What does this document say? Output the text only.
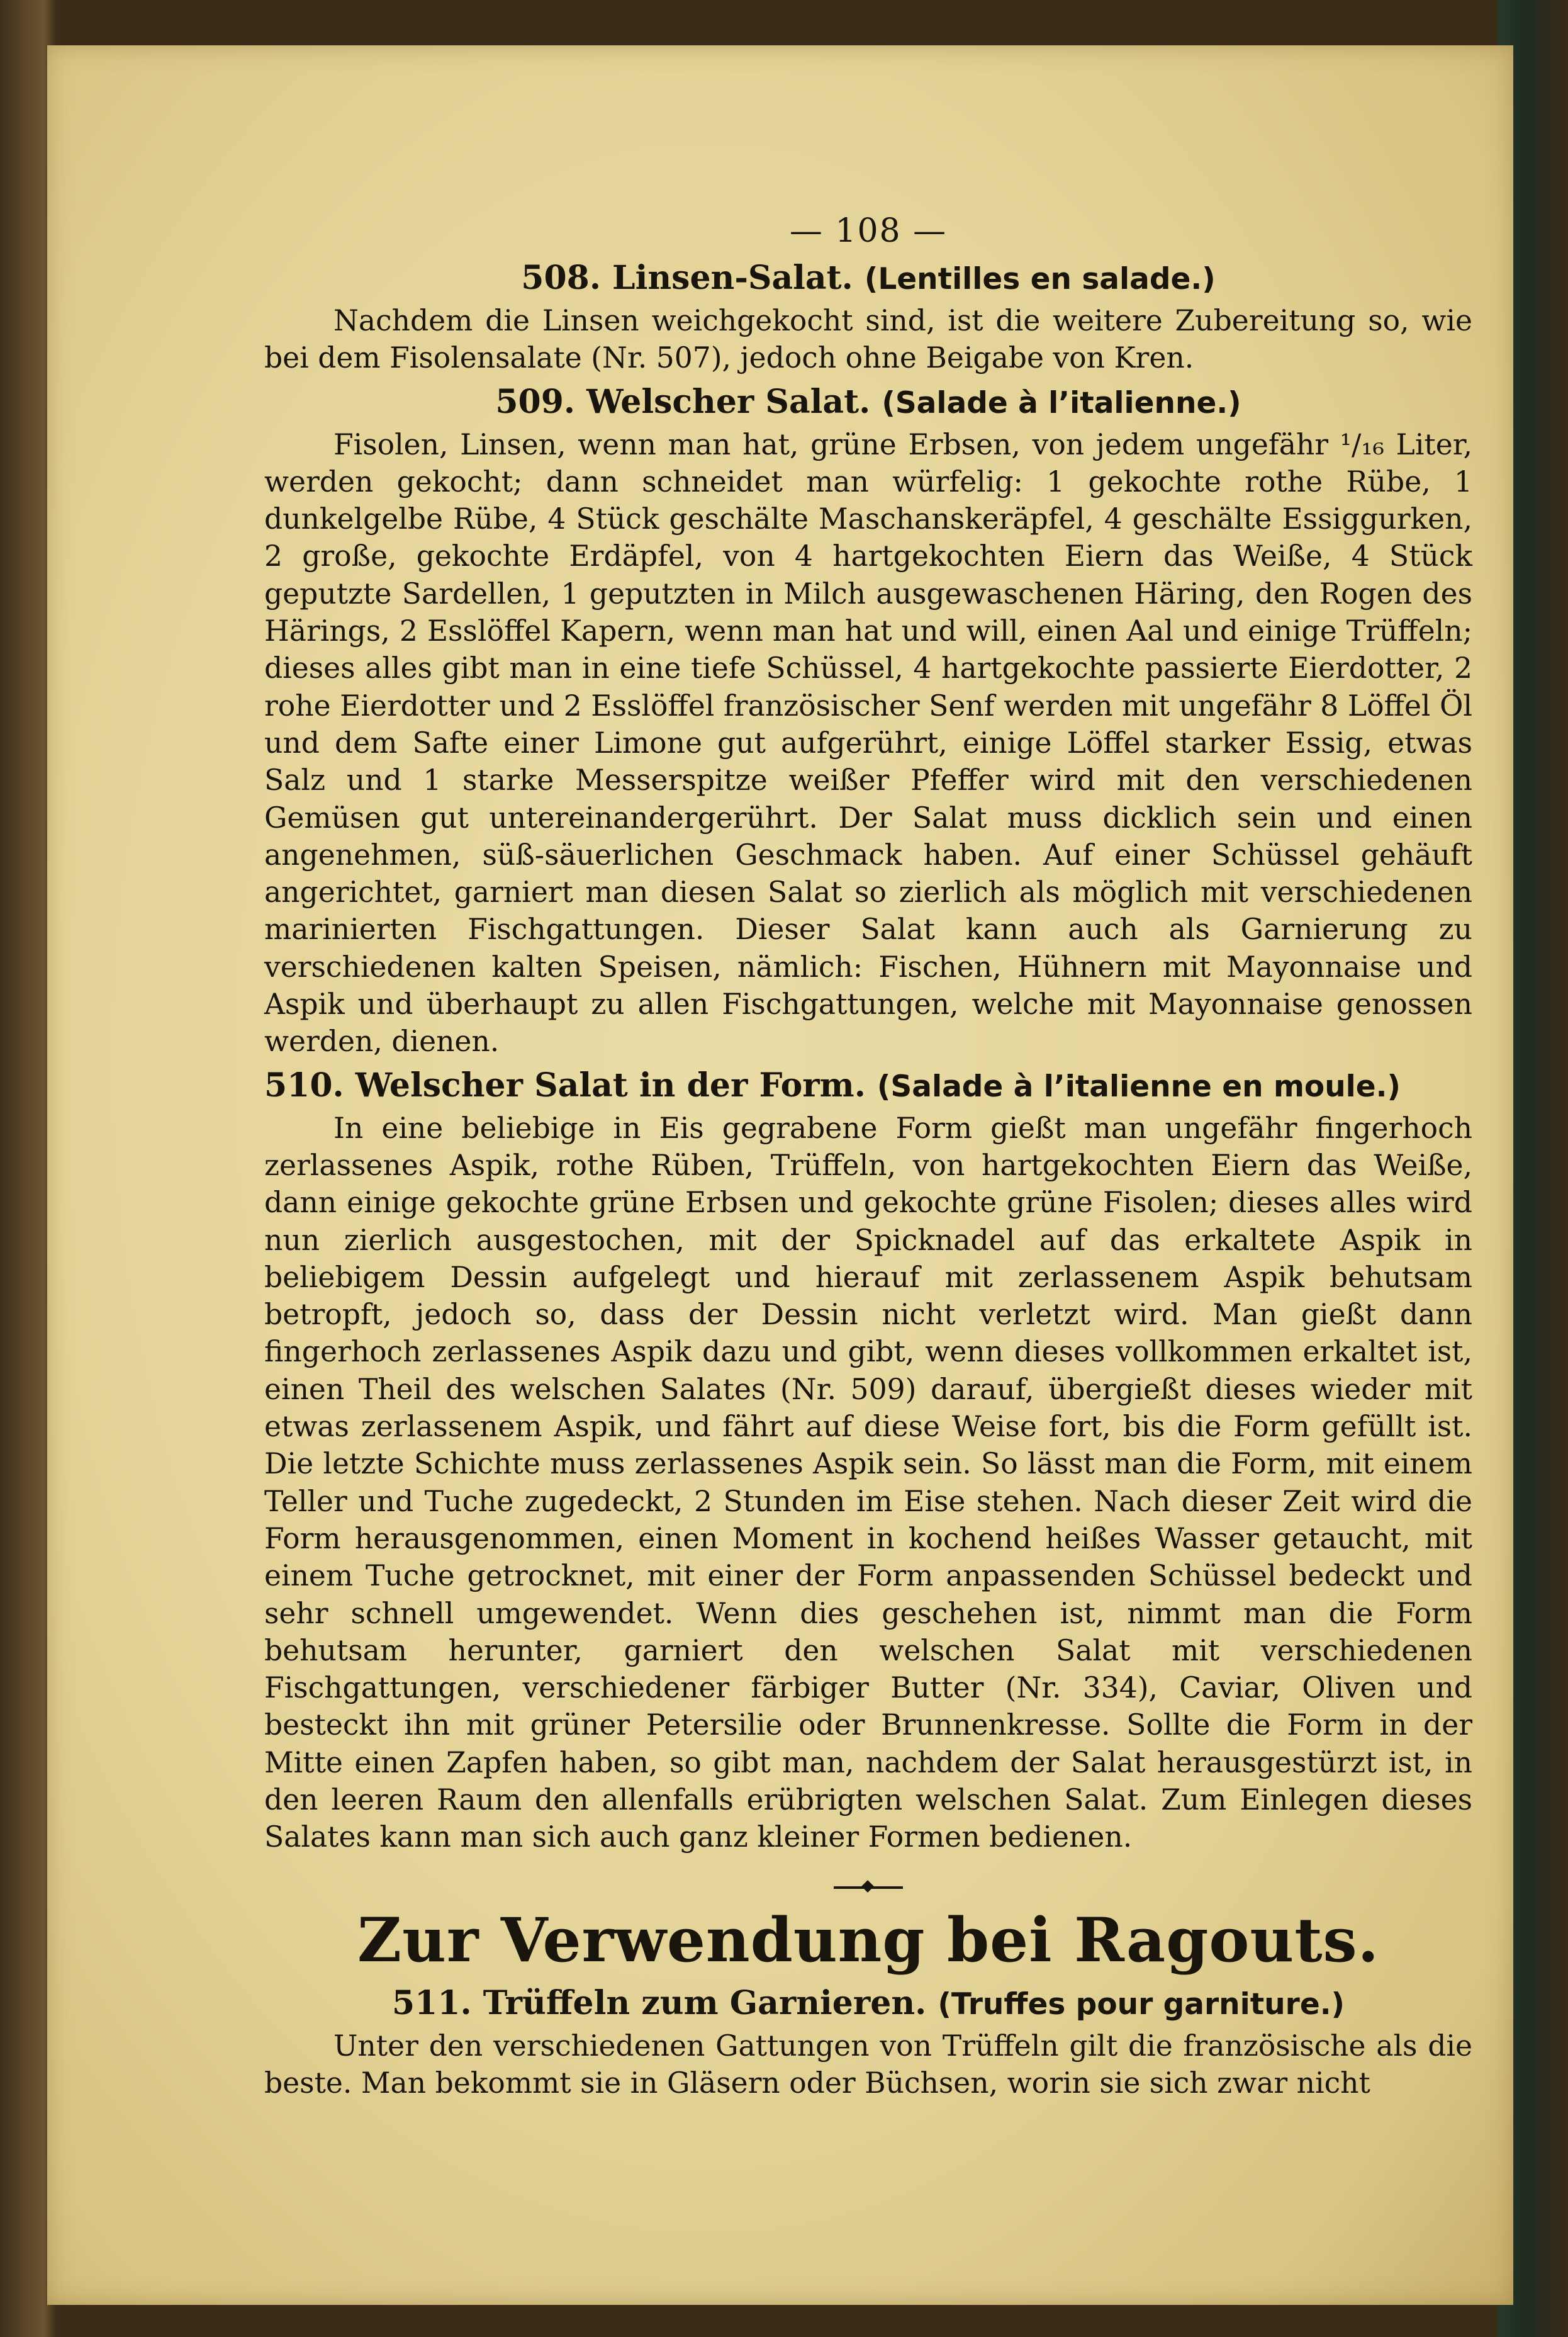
— 108 —
508. Linsen-Salat. (Lentilles en salade.)

Nachdem die Linsen weichgekocht sind, ist die weitere Zubereitung so, wie bei dem Fisolensalate (Nr. 507), jedoch ohne Beigabe von Kren.

509. Welscher Salat. (Salade à l’italienne.)

Fisolen, Linsen, wenn man hat, grüne Erbsen, von jedem ungefähr ¹/₁₆ Liter, werden gekocht; dann schneidet man würfelig: 1 gekochte rothe Rübe, 1 dunkelgelbe Rübe, 4 Stück geschälte Maschanskeräpfel, 4 geschälte Essiggurken, 2 große, gekochte Erdäpfel, von 4 hartgekochten Eiern das Weiße, 4 Stück geputzte Sardellen, 1 geputzten in Milch ausgewaschenen Häring, den Rogen des Härings, 2 Esslöffel Kapern, wenn man hat und will, einen Aal und einige Trüffeln; dieses alles gibt man in eine tiefe Schüssel, 4 hartgekochte passierte Eierdotter, 2 rohe Eierdotter und 2 Esslöffel französischer Senf werden mit ungefähr 8 Löffel Öl und dem Safte einer Limone gut aufgerührt, einige Löffel starker Essig, etwas Salz und 1 starke Messerspitze weißer Pfeffer wird mit den verschiedenen Gemüsen gut untereinandergerührt. Der Salat muss dicklich sein und einen angenehmen, süß-säuerlichen Geschmack haben. Auf einer Schüssel gehäuft angerichtet, garniert man diesen Salat so zierlich als möglich mit verschiedenen marinierten Fischgattungen. Dieser Salat kann auch als Garnierung zu verschiedenen kalten Speisen, nämlich: Fischen, Hühnern mit Mayonnaise und Aspik und überhaupt zu allen Fischgattungen, welche mit Mayonnaise genossen werden, dienen.

510. Welscher Salat in der Form. (Salade à l’italienne en moule.)

In eine beliebige in Eis gegrabene Form gießt man ungefähr fingerhoch zerlassenes Aspik, rothe Rüben, Trüffeln, von hartgekochten Eiern das Weiße, dann einige gekochte grüne Erbsen und gekochte grüne Fisolen; dieses alles wird nun zierlich ausgestochen, mit der Spicknadel auf das erkaltete Aspik in beliebigem Dessin aufgelegt und hierauf mit zerlassenem Aspik behutsam betropft, jedoch so, dass der Dessin nicht verletzt wird. Man gießt dann fingerhoch zerlassenes Aspik dazu und gibt, wenn dieses vollkommen erkaltet ist, einen Theil des welschen Salates (Nr. 509) darauf, übergießt dieses wieder mit etwas zerlassenem Aspik, und fährt auf diese Weise fort, bis die Form gefüllt ist. Die letzte Schichte muss zerlassenes Aspik sein. So lässt man die Form, mit einem Teller und Tuche zugedeckt, 2 Stunden im Eise stehen. Nach dieser Zeit wird die Form herausgenommen, einen Moment in kochend heißes Wasser getaucht, mit einem Tuche getrocknet, mit einer der Form anpassenden Schüssel bedeckt und sehr schnell umgewendet. Wenn dies geschehen ist, nimmt man die Form behutsam herunter, garniert den welschen Salat mit verschiedenen Fischgattungen, verschiedener färbiger Butter (Nr. 334), Caviar, Oliven und besteckt ihn mit grüner Petersilie oder Brunnenkresse. Sollte die Form in der Mitte einen Zapfen haben, so gibt man, nachdem der Salat herausgestürzt ist, in den leeren Raum den allenfalls erübrigten welschen Salat. Zum Einlegen dieses Salates kann man sich auch ganz kleiner Formen bedienen.

Zur Verwendung bei Ragouts.
511. Trüffeln zum Garnieren. (Truffes pour garniture.)

Unter den verschiedenen Gattungen von Trüffeln gilt die französische als die beste. Man bekommt sie in Gläsern oder Büchsen, worin sie sich zwar nicht
